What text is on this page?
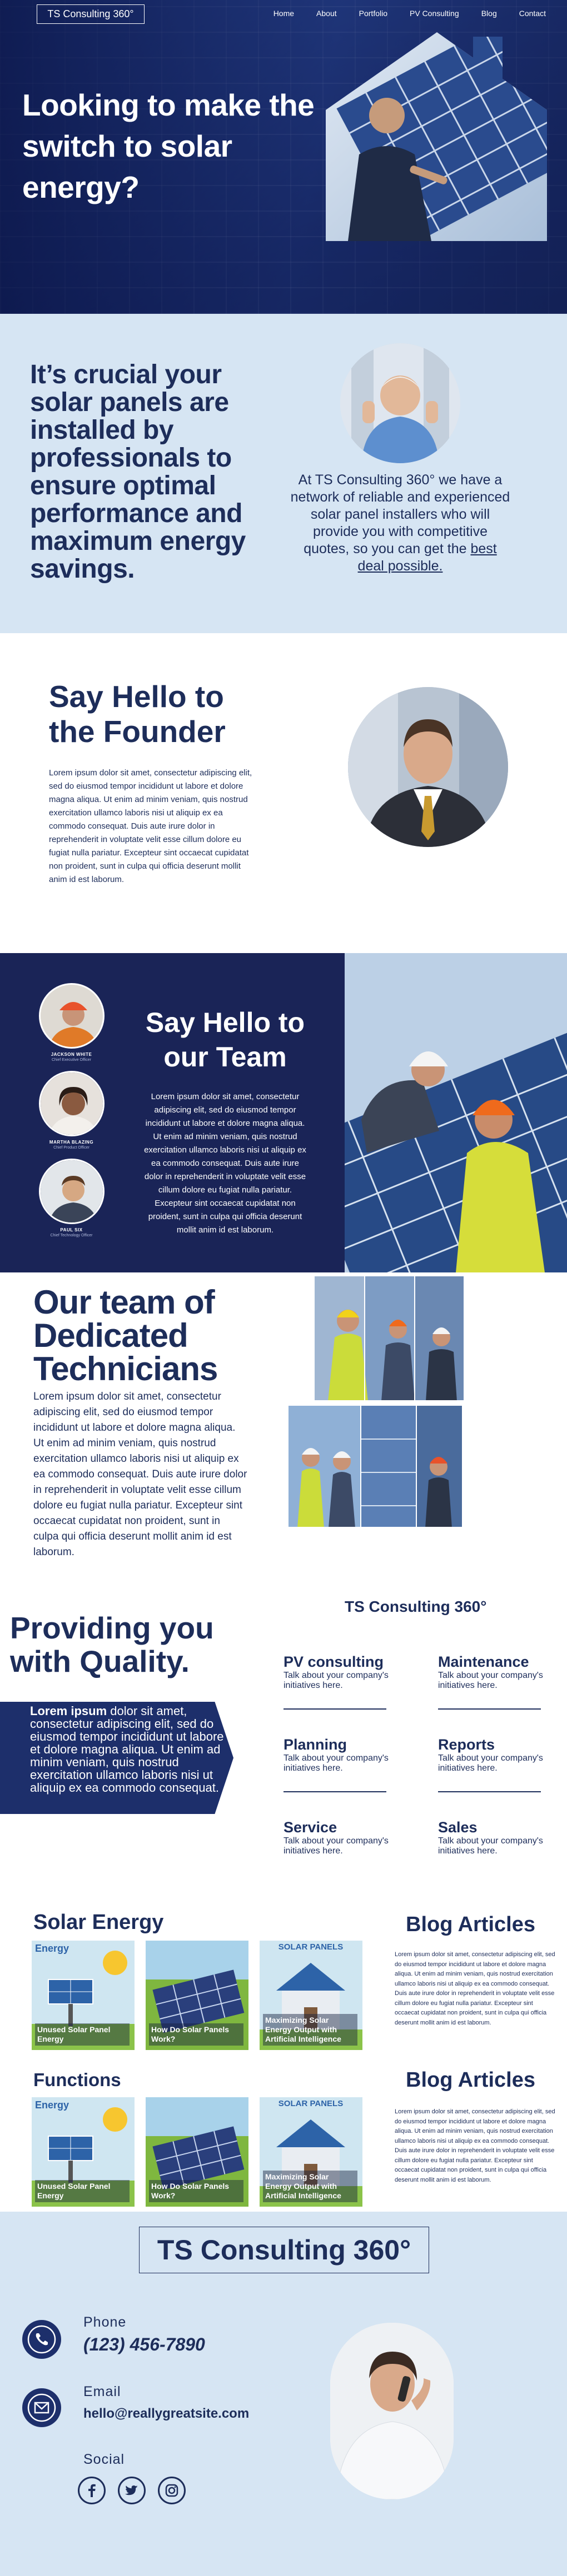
TS Consulting 360°	Home	About	Portfolio	PV Consulting	Blog	Contact
Looking to make the switch to solar energy?
It’s crucial your solar panels are installed by professionals to ensure optimal performance and maximum energy savings.

At TS Consulting 360° we have a network of reliable and experienced solar panel installers who will provide you with competitive quotes, so you can get the best deal possible.

Say Hello to the Founder

Lorem ipsum dolor sit amet, consectetur adipiscing elit, sed do eiusmod tempor incididunt ut labore et dolore magna aliqua. Ut enim ad minim veniam, quis nostrud exercitation ullamco laboris nisi ut aliquip ex ea commodo consequat. Duis aute irure dolor in reprehenderit in voluptate velit esse cillum dolore eu fugiat nulla pariatur. Excepteur sint occaecat cupidatat non proident, sunt in culpa qui officia deserunt mollit anim id est laborum.

JACKSON WHITE
Chief Executive Officer
MARTHA BLAZING
Chief Product Officer
PAUL SIX
Chief Technology Officer
Say Hello to our Team

Lorem ipsum dolor sit amet, consectetur adipiscing elit, sed do eiusmod tempor incididunt ut labore et dolore magna aliqua. Ut enim ad minim veniam, quis nostrud exercitation ullamco laboris nisi ut aliquip ex ea commodo consequat. Duis aute irure dolor in reprehenderit in voluptate velit esse cillum dolore eu fugiat nulla pariatur. Excepteur sint occaecat cupidatat non proident, sunt in culpa qui officia deserunt mollit anim id est laborum.

Our team of Dedicated Technicians

Lorem ipsum dolor sit amet, consectetur adipiscing elit, sed do eiusmod tempor incididunt ut labore et dolore magna aliqua. Ut enim ad minim veniam, quis nostrud exercitation ullamco laboris nisi ut aliquip ex ea commodo consequat. Duis aute irure dolor in reprehenderit in voluptate velit esse cillum dolore eu fugiat nulla pariatur. Excepteur sint occaecat cupidatat non proident, sunt in culpa qui officia deserunt mollit anim id est laborum.

Providing you with Quality.

Lorem ipsum dolor sit amet, consectetur adipiscing elit, sed do eiusmod tempor incididunt ut labore et dolore magna aliqua. Ut enim ad minim veniam, quis nostrud exercitation ullamco laboris nisi ut aliquip ex ea commodo consequat.

TS Consulting 360°
PV consulting
Talk about your company's initiatives here.
Maintenance
Talk about your company's initiatives here.
Planning
Talk about your company's initiatives here.
Reports
Talk about your company's initiatives here.
Service
Talk about your company's initiatives here.
Sales
Talk about your company's initiatives here.
Solar Energy
Functions
Blog Articles
Blog Articles

Lorem ipsum dolor sit amet, consectetur adipiscing elit, sed do eiusmod tempor incididunt ut labore et dolore magna aliqua. Ut enim ad minim veniam, quis nostrud exercitation ullamco laboris nisi ut aliquip ex ea commodo consequat. Duis aute irure dolor in reprehenderit in voluptate velit esse cillum dolore eu fugiat nulla pariatur. Excepteur sint occaecat cupidatat non proident, sunt in culpa qui officia deserunt mollit anim id est laborum.

Lorem ipsum dolor sit amet, consectetur adipiscing elit, sed do eiusmod tempor incididunt ut labore et dolore magna aliqua. Ut enim ad minim veniam, quis nostrud exercitation ullamco laboris nisi ut aliquip ex ea commodo consequat. Duis aute irure dolor in reprehenderit in voluptate velit esse cillum dolore eu fugiat nulla pariatur. Excepteur sint occaecat cupidatat non proident, sunt in culpa qui officia deserunt mollit anim id est laborum.

Energy
Unused Solar Panel Energy
How Do Solar Panels Work?
SOLAR PANELS
Maximizing Solar Energy Output with Artificial Intelligence
Energy
Unused Solar Panel Energy
How Do Solar Panels Work?
SOLAR PANELS
Maximizing Solar Energy Output with Artificial Intelligence
TS Consulting 360°
Phone
(123) 456-7890
Email
hello@reallygreatsite.com
Social
